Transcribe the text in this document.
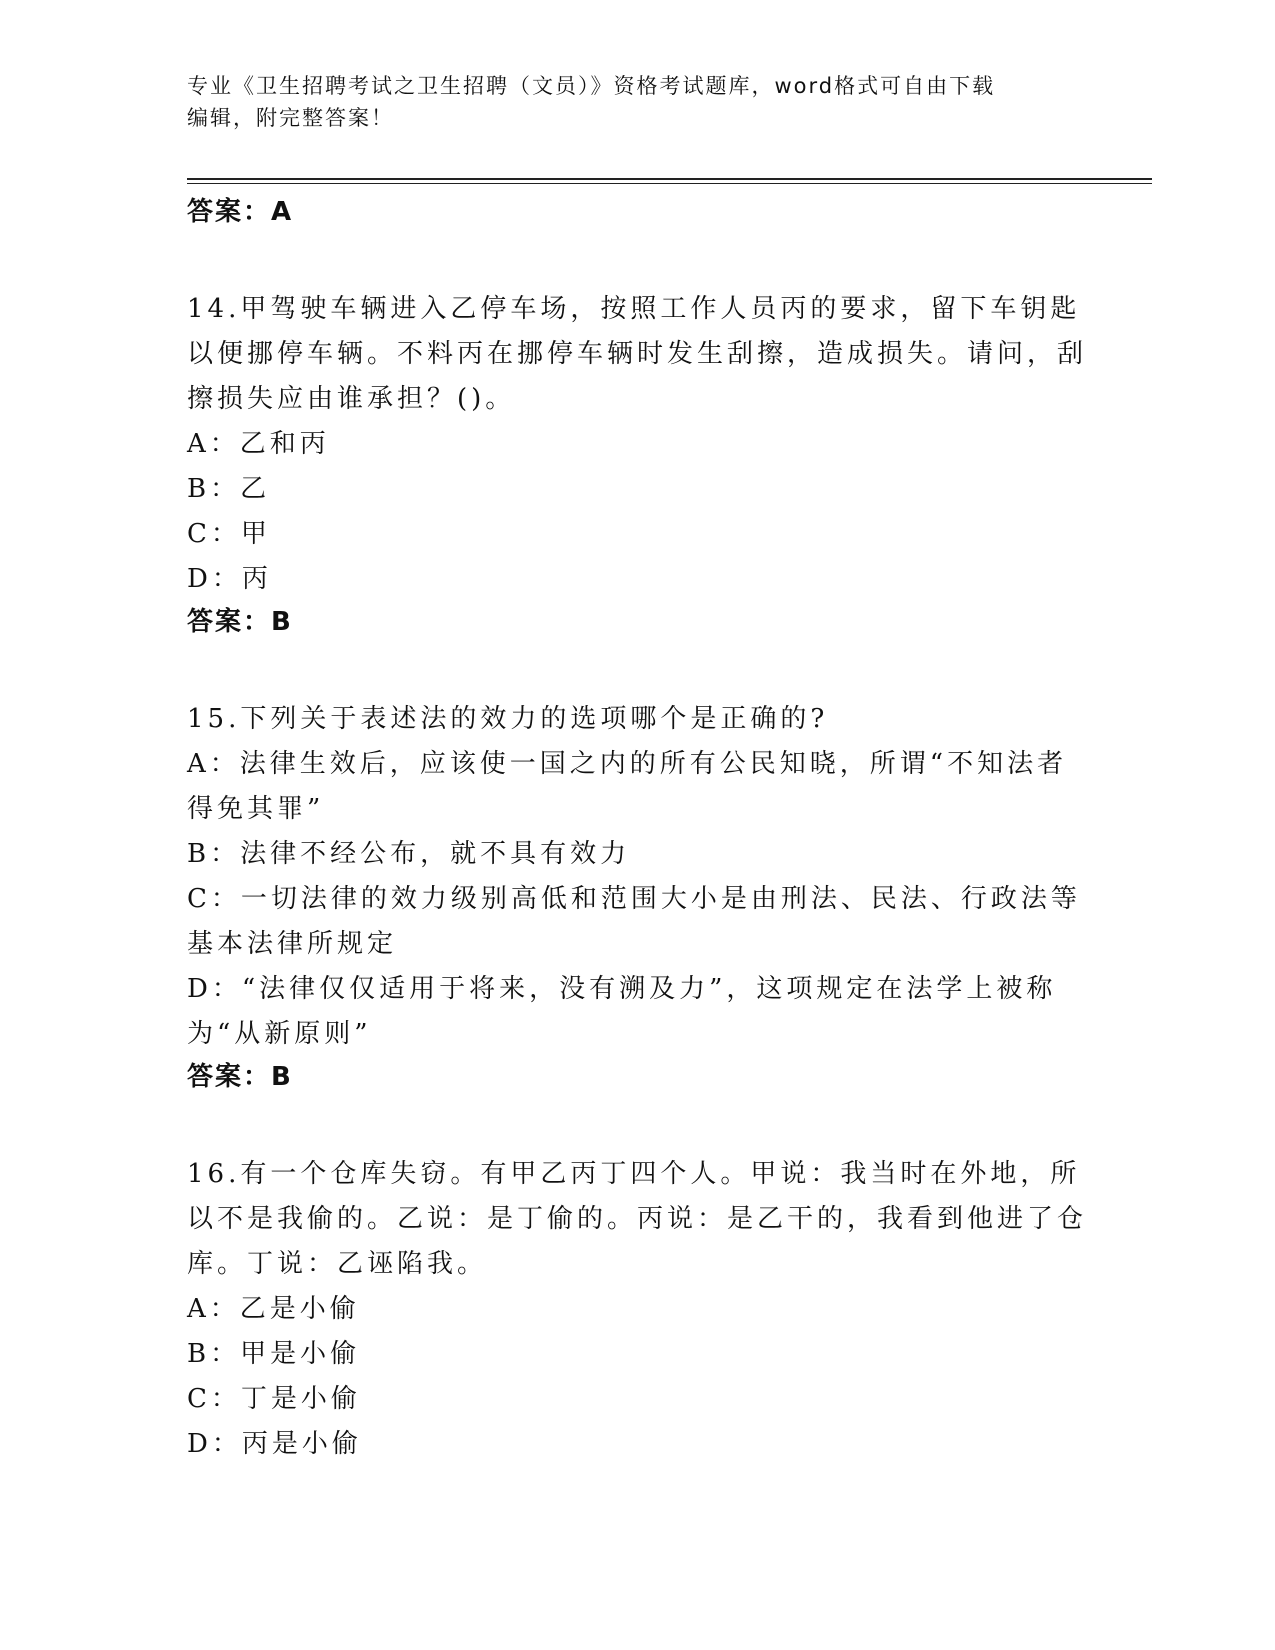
专业《卫生招聘考试之卫生招聘（文员）》资格考试题库，word格式可自由下载
编辑，附完整答案！

答案：A

14.甲驾驶车辆进入乙停车场，按照工作人员丙的要求，留下车钥匙以便挪停车辆。不料丙在挪停车辆时发生刮擦，造成损失。请问，刮擦损失应由谁承担？()。

A：乙和丙

B：乙

C：甲

D：丙

答案：B

15.下列关于表述法的效力的选项哪个是正确的?

A：法律生效后，应该使一国之内的所有公民知晓，所谓“不知法者得免其罪”

B：法律不经公布，就不具有效力

C：一切法律的效力级别高低和范围大小是由刑法、民法、行政法等基本法律所规定

D：“法律仅仅适用于将来，没有溯及力”，这项规定在法学上被称为“从新原则”

答案：B

16.有一个仓库失窃。有甲乙丙丁四个人。甲说：我当时在外地，所以不是我偷的。乙说：是丁偷的。丙说：是乙干的，我看到他进了仓库。丁说：乙诬陷我。

A：乙是小偷

B：甲是小偷

C：丁是小偷

D：丙是小偷
